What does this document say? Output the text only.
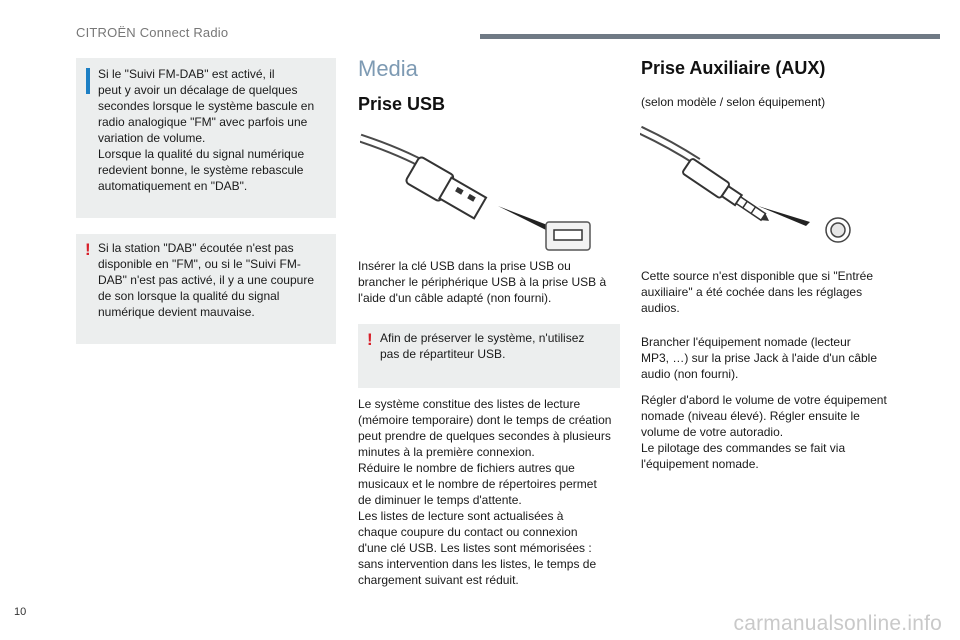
CITROËN Connect Radio

Si le "Suivi FM-DAB" est activé, il
peut y avoir un décalage de quelques
secondes lorsque le système bascule en
radio analogique "FM" avec parfois une
variation de volume.
Lorsque la qualité du signal numérique
redevient bonne, le système rebascule
automatiquement en "DAB".

! Si la station "DAB" écoutée n'est pas
disponible en "FM", ou si le "Suivi FM-
DAB" n'est pas activé, il y a une coupure
de son lorsque la qualité du signal
numérique devient mauvaise.

Media
Prise USB

Insérer la clé USB dans la prise USB ou
brancher le périphérique USB à la prise USB à
l'aide d'un câble adapté (non fourni).

! Afin de préserver le système, n'utilisez
pas de répartiteur USB.

Le système constitue des listes de lecture
(mémoire temporaire) dont le temps de création
peut prendre de quelques secondes à plusieurs
minutes à la première connexion.
Réduire le nombre de fichiers autres que
musicaux et le nombre de répertoires permet
de diminuer le temps d'attente.
Les listes de lecture sont actualisées à
chaque coupure du contact ou connexion
d'une clé USB. Les listes sont mémorisées :
sans intervention dans les listes, le temps de
chargement suivant est réduit.

Prise Auxiliaire (AUX)

(selon modèle / selon équipement)

Cette source n'est disponible que si "Entrée
auxiliaire" a été cochée dans les réglages
audios.

Brancher l'équipement nomade (lecteur
MP3, …) sur la prise Jack à l'aide d'un câble
audio (non fourni).

Régler d'abord le volume de votre équipement
nomade (niveau élevé). Régler ensuite le
volume de votre autoradio.
Le pilotage des commandes se fait via
l'équipement nomade.

10	carmanualsonline.info
